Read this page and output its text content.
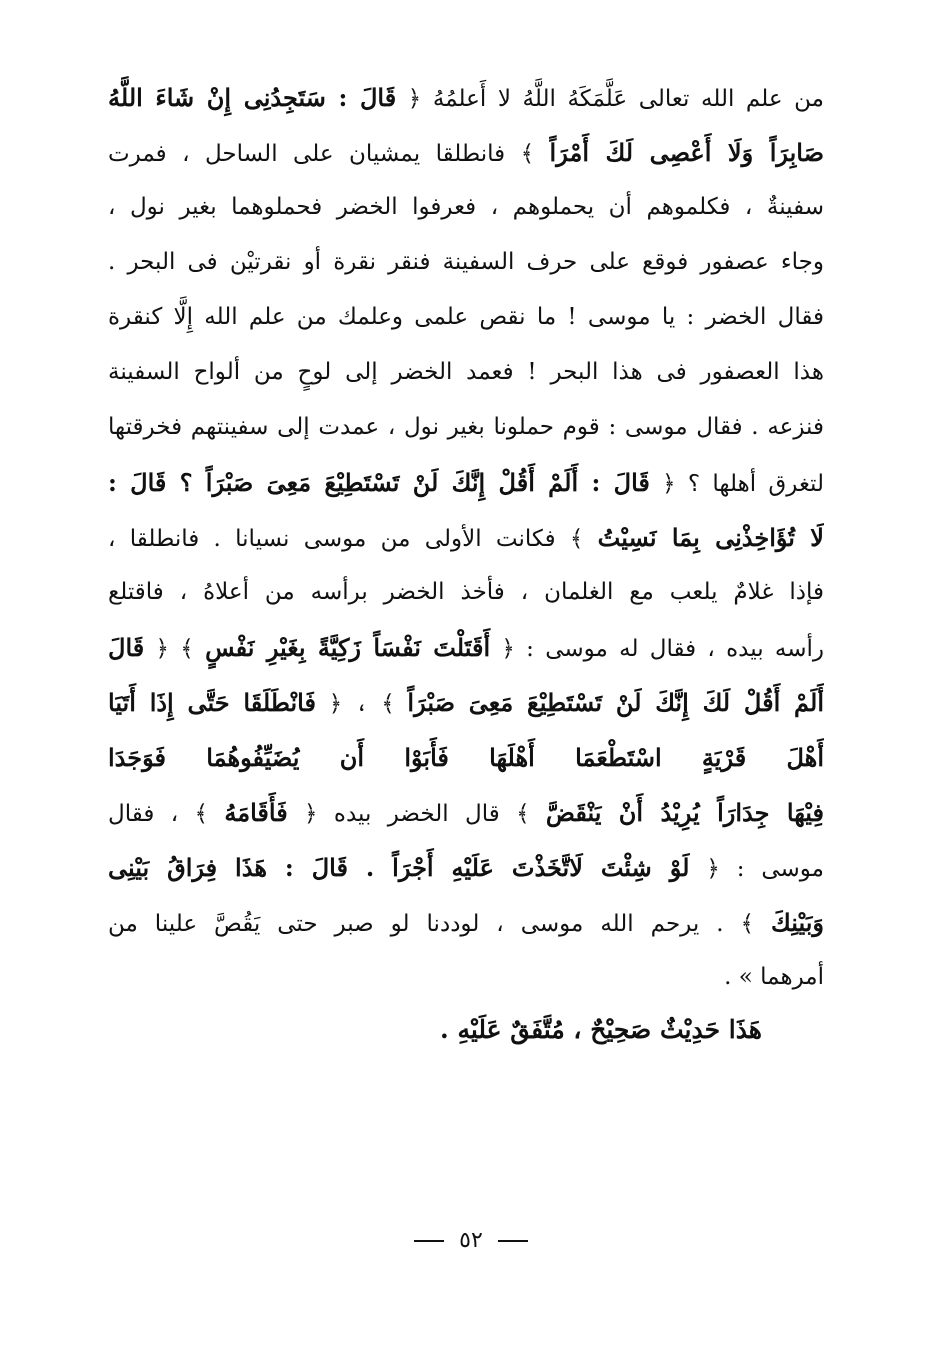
من علم الله تعالى عَلَّمَكَهُ اللَّهُ لا أَعلمُهُ ﴿ قَالَ : سَتَجِدُنِى إِنْ شَاءَ اللَّهُ
صَابِرَاً وَلَا أَعْصِى لَكَ أَمْرَاً ﴾ فانطلقا يمشيان على الساحل ، فمرت
سفينةٌ ، فكلموهم أن يحملوهم ، فعرفوا الخضر فحملوهما بغير نول ،
وجاء عصفور فوقع على حرف السفينة فنقر نقرة أو نقرتيْن فى البحر .
فقال الخضر : يا موسى ! ما نقص علمى وعلمك من علم الله إِلَّا كنقرة
هذا العصفور فى هذا البحر ! فعمد الخضر إلى لوحٍ من ألواح السفينة
فنزعه . فقال موسى : قوم حملونا بغير نول ، عمدت إلى سفينتهم فخرقتها
لتغرق أهلها ؟ ﴿ قَالَ : أَلَمْ أَقُلْ إِنَّكَ لَنْ تَسْتَطِيْعَ مَعِىَ صَبْرَاً ؟ قَالَ :
لَا تُؤَاخِذْنِى بِمَا نَسِيْتُ ﴾ فكانت الأولى من موسى نسيانا . فانطلقا ،
فإذا غلامٌ يلعب مع الغلمان ، فأخذ الخضر برأسه من أعلاهُ ، فاقتلع
رأسه بيده ، فقال له موسى : ﴿ أَقَتَلْتَ نَفْسَاً زَكِيَّةً بِغَيْرِ نَفْسٍ ﴾ ﴿ قَالَ
أَلَمْ أَقُلْ لَكَ إِنَّكَ لَنْ تَسْتَطِيْعَ مَعِىَ صَبْرَاً ﴾ ، ﴿ فَانْطَلَقَا حَتَّى إِذَا أَتَيَا
أَهْلَ قَرْيَةٍ اسْتَطْعَمَا أَهْلَهَا فَأَبَوْا أَن يُضَيِّفُوهُمَا فَوَجَدَا
فِيْهَا جِدَارَاً يُرِيْدُ أَنْ يَنْقَضَّ ﴾ قال الخضر بيده ﴿ فَأَقَامَهُ ﴾ ، فقال
موسى : ﴿ لَوْ شِئْتَ لَاتَّخَذْتَ عَلَيْهِ أَجْرَاً . قَالَ : هَذَا فِرَاقُ بَيْنِى
وَبَيْنِكَ ﴾ . يرحم الله موسى ، لوددنا لو صبر حتى يَقُصَّ علينا من
أمرهما » .
هَذَا حَدِيْثٌ صَحِيْحٌ ، مُتَّفَقٌ عَلَيْهِ .
٥٢
